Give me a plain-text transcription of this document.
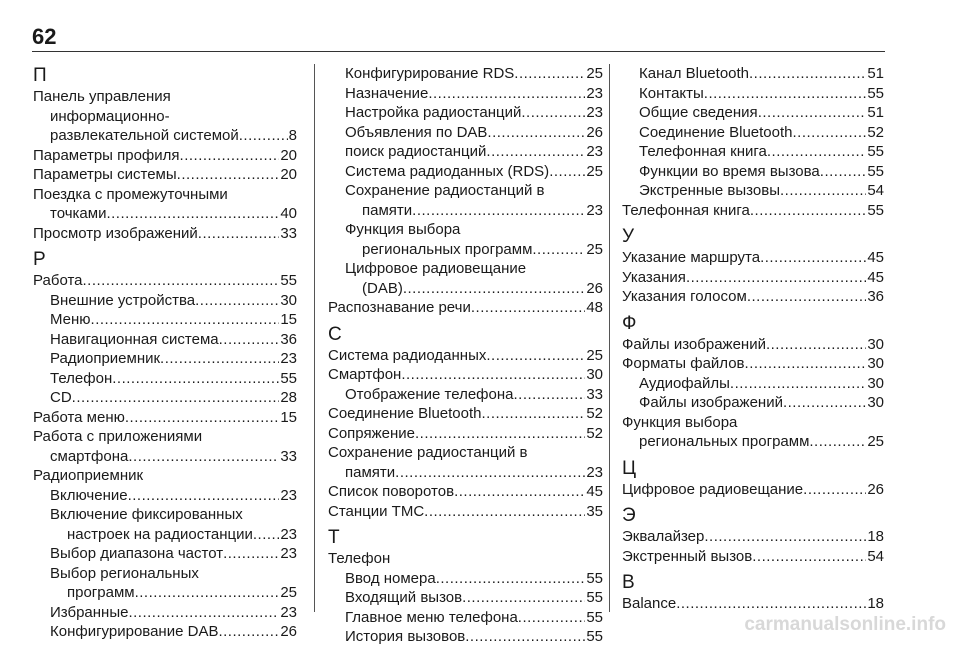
62
П
Панель управления
информационно-
развлекательной системой .....	8
Параметры профиля .....	20
Параметры системы .....	20
Поездка с промежуточными
точками .....	40
Просмотр изображений .....	33
Р
Работа .....	55
Внешние устройства .....	30
Меню .....	15
Навигационная система .....	36
Радиоприемник .....	23
Телефон .....	55
CD .....	28
Работа меню .....	15
Работа с приложениями
смартфона .....	33
Радиоприемник
Включение .....	23
Включение фиксированных
настроек на радиостанции ..... 23
Выбор диапазона частот .....	23
Выбор региональных
программ .....	25
Избранные .....	23
Конфигурирование DAB .....	26
Конфигурирование RDS .....	25
Назначение .....	23
Настройка радиостанций .....	23
Объявления по DAB .....	26
поиск радиостанций .....	23
Система радиоданных (RDS) ..... 25
Сохранение радиостанций в
памяти .....	23
Функция выбора
региональных программ .....	25
Цифровое радиовещание
(DAB) .....	26
Распознавание речи .....	48
С
Система радиоданных .....	25
Смартфон .....	30
Отображение телефона .....	33
Соединение Bluetooth .....	52
Сопряжение .....	52
Сохранение радиостанций в
памяти .....	23
Список поворотов .....	45
Станции TMC .....	35
Т
Телефон
Ввод номера .....	55
Входящий вызов .....	55
Главное меню телефона .....	55
История вызовов .....	55
Канал Bluetooth .....	51
Контакты .....	55
Общие сведения .....	51
Соединение Bluetooth .....	52
Телефонная книга .....	55
Функции во время вызова .....	55
Экстренные вызовы .....	54
Телефонная книга .....	55
У
Указание маршрута .....	45
Указания .....	45
Указания голосом .....	36
Ф
Файлы изображений .....	30
Форматы файлов .....	30
Аудиофайлы .....	30
Файлы изображений .....	30
Функция выбора
региональных программ .....	25
Ц
Цифровое радиовещание .....	26
Э
Эквалайзер .....	18
Экстренный вызов .....	54
B
Balance .....	18
carmanualsonline.info
